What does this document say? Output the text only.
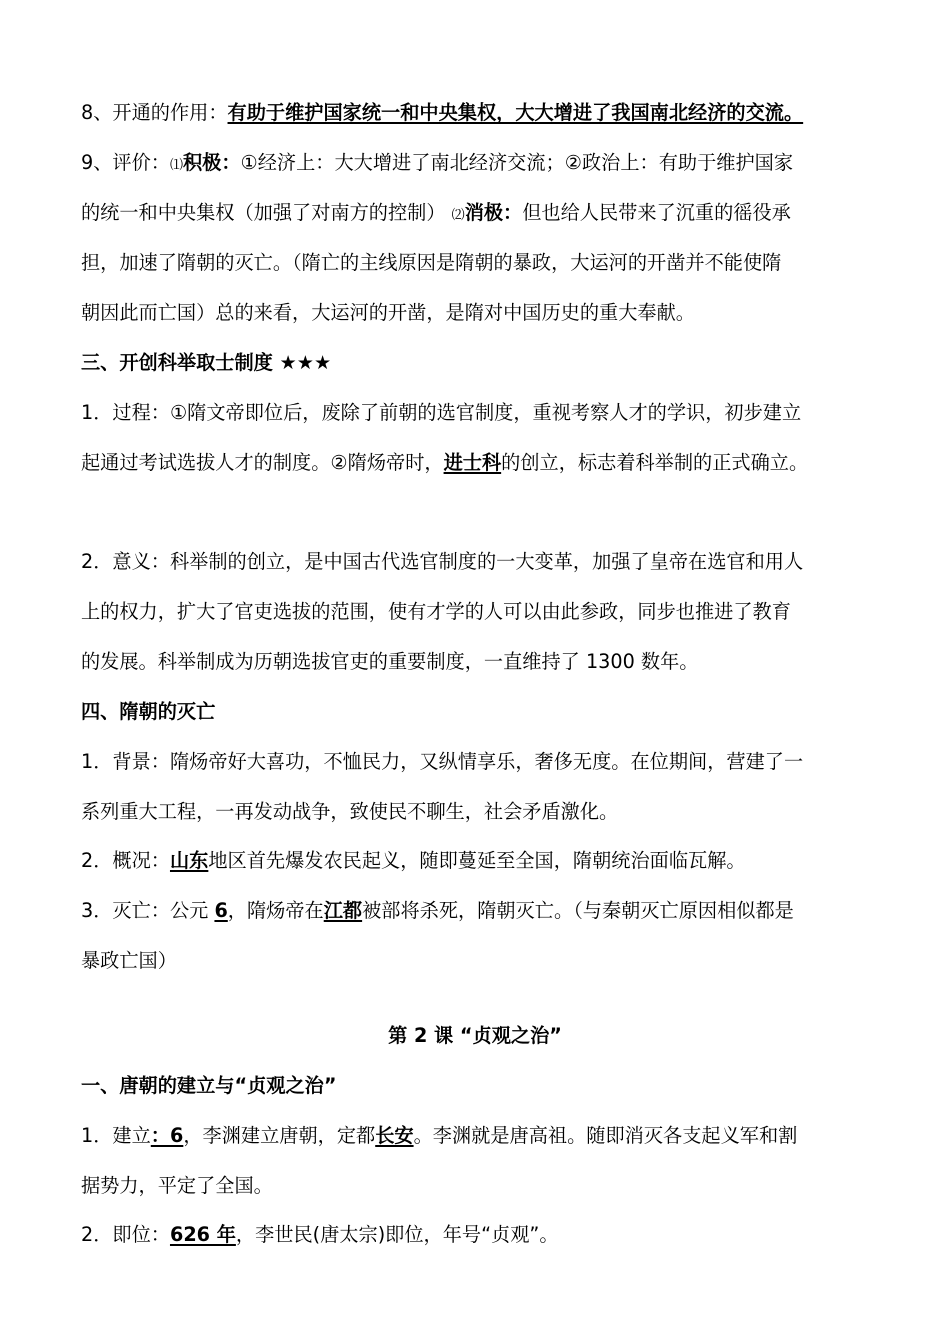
8、开通的作用：有助于维护国家统一和中央集权，大大增进了我国南北经济的交流。
9、评价：⑴积极：①经济上：大大增进了南北经济交流；②政治上：有助于维护国家
的统一和中央集权（加强了对南方的控制） ⑵消极：但也给人民带来了沉重的徭役承
担，加速了隋朝的灭亡。（隋亡的主线原因是隋朝的暴政，大运河的开凿并不能使隋
朝因此而亡国）总的来看，大运河的开凿，是隋对中国历史的重大奉献。
三、开创科举取士制度 ★★★
1．过程：①隋文帝即位后，废除了前朝的选官制度，重视考察人才的学识，初步建立
起通过考试选拔人才的制度。②隋炀帝时，进士科的创立，标志着科举制的正式确立。
2．意义：科举制的创立，是中国古代选官制度的一大变革，加强了皇帝在选官和用人
上的权力，扩大了官吏选拔的范围，使有才学的人可以由此参政，同步也推进了教育
的发展。科举制成为历朝选拔官吏的重要制度，一直维持了 1300 数年。
四、隋朝的灭亡
1．背景：隋炀帝好大喜功，不恤民力，又纵情享乐，奢侈无度。在位期间，营建了一
系列重大工程，一再发动战争，致使民不聊生，社会矛盾激化。
2．概况：山东地区首先爆发农民起义，随即蔓延至全国，隋朝统治面临瓦解。
3．灭亡：公元 6，隋炀帝在江都被部将杀死，隋朝灭亡。（与秦朝灭亡原因相似都是
暴政亡国）
第 2 课 “贞观之治”
一、唐朝的建立与“贞观之治”
1．建立：6，李渊建立唐朝，定都长安。李渊就是唐高祖。随即消灭各支起义军和割
据势力，平定了全国。
2．即位：626 年，李世民(唐太宗)即位，年号“贞观”。
